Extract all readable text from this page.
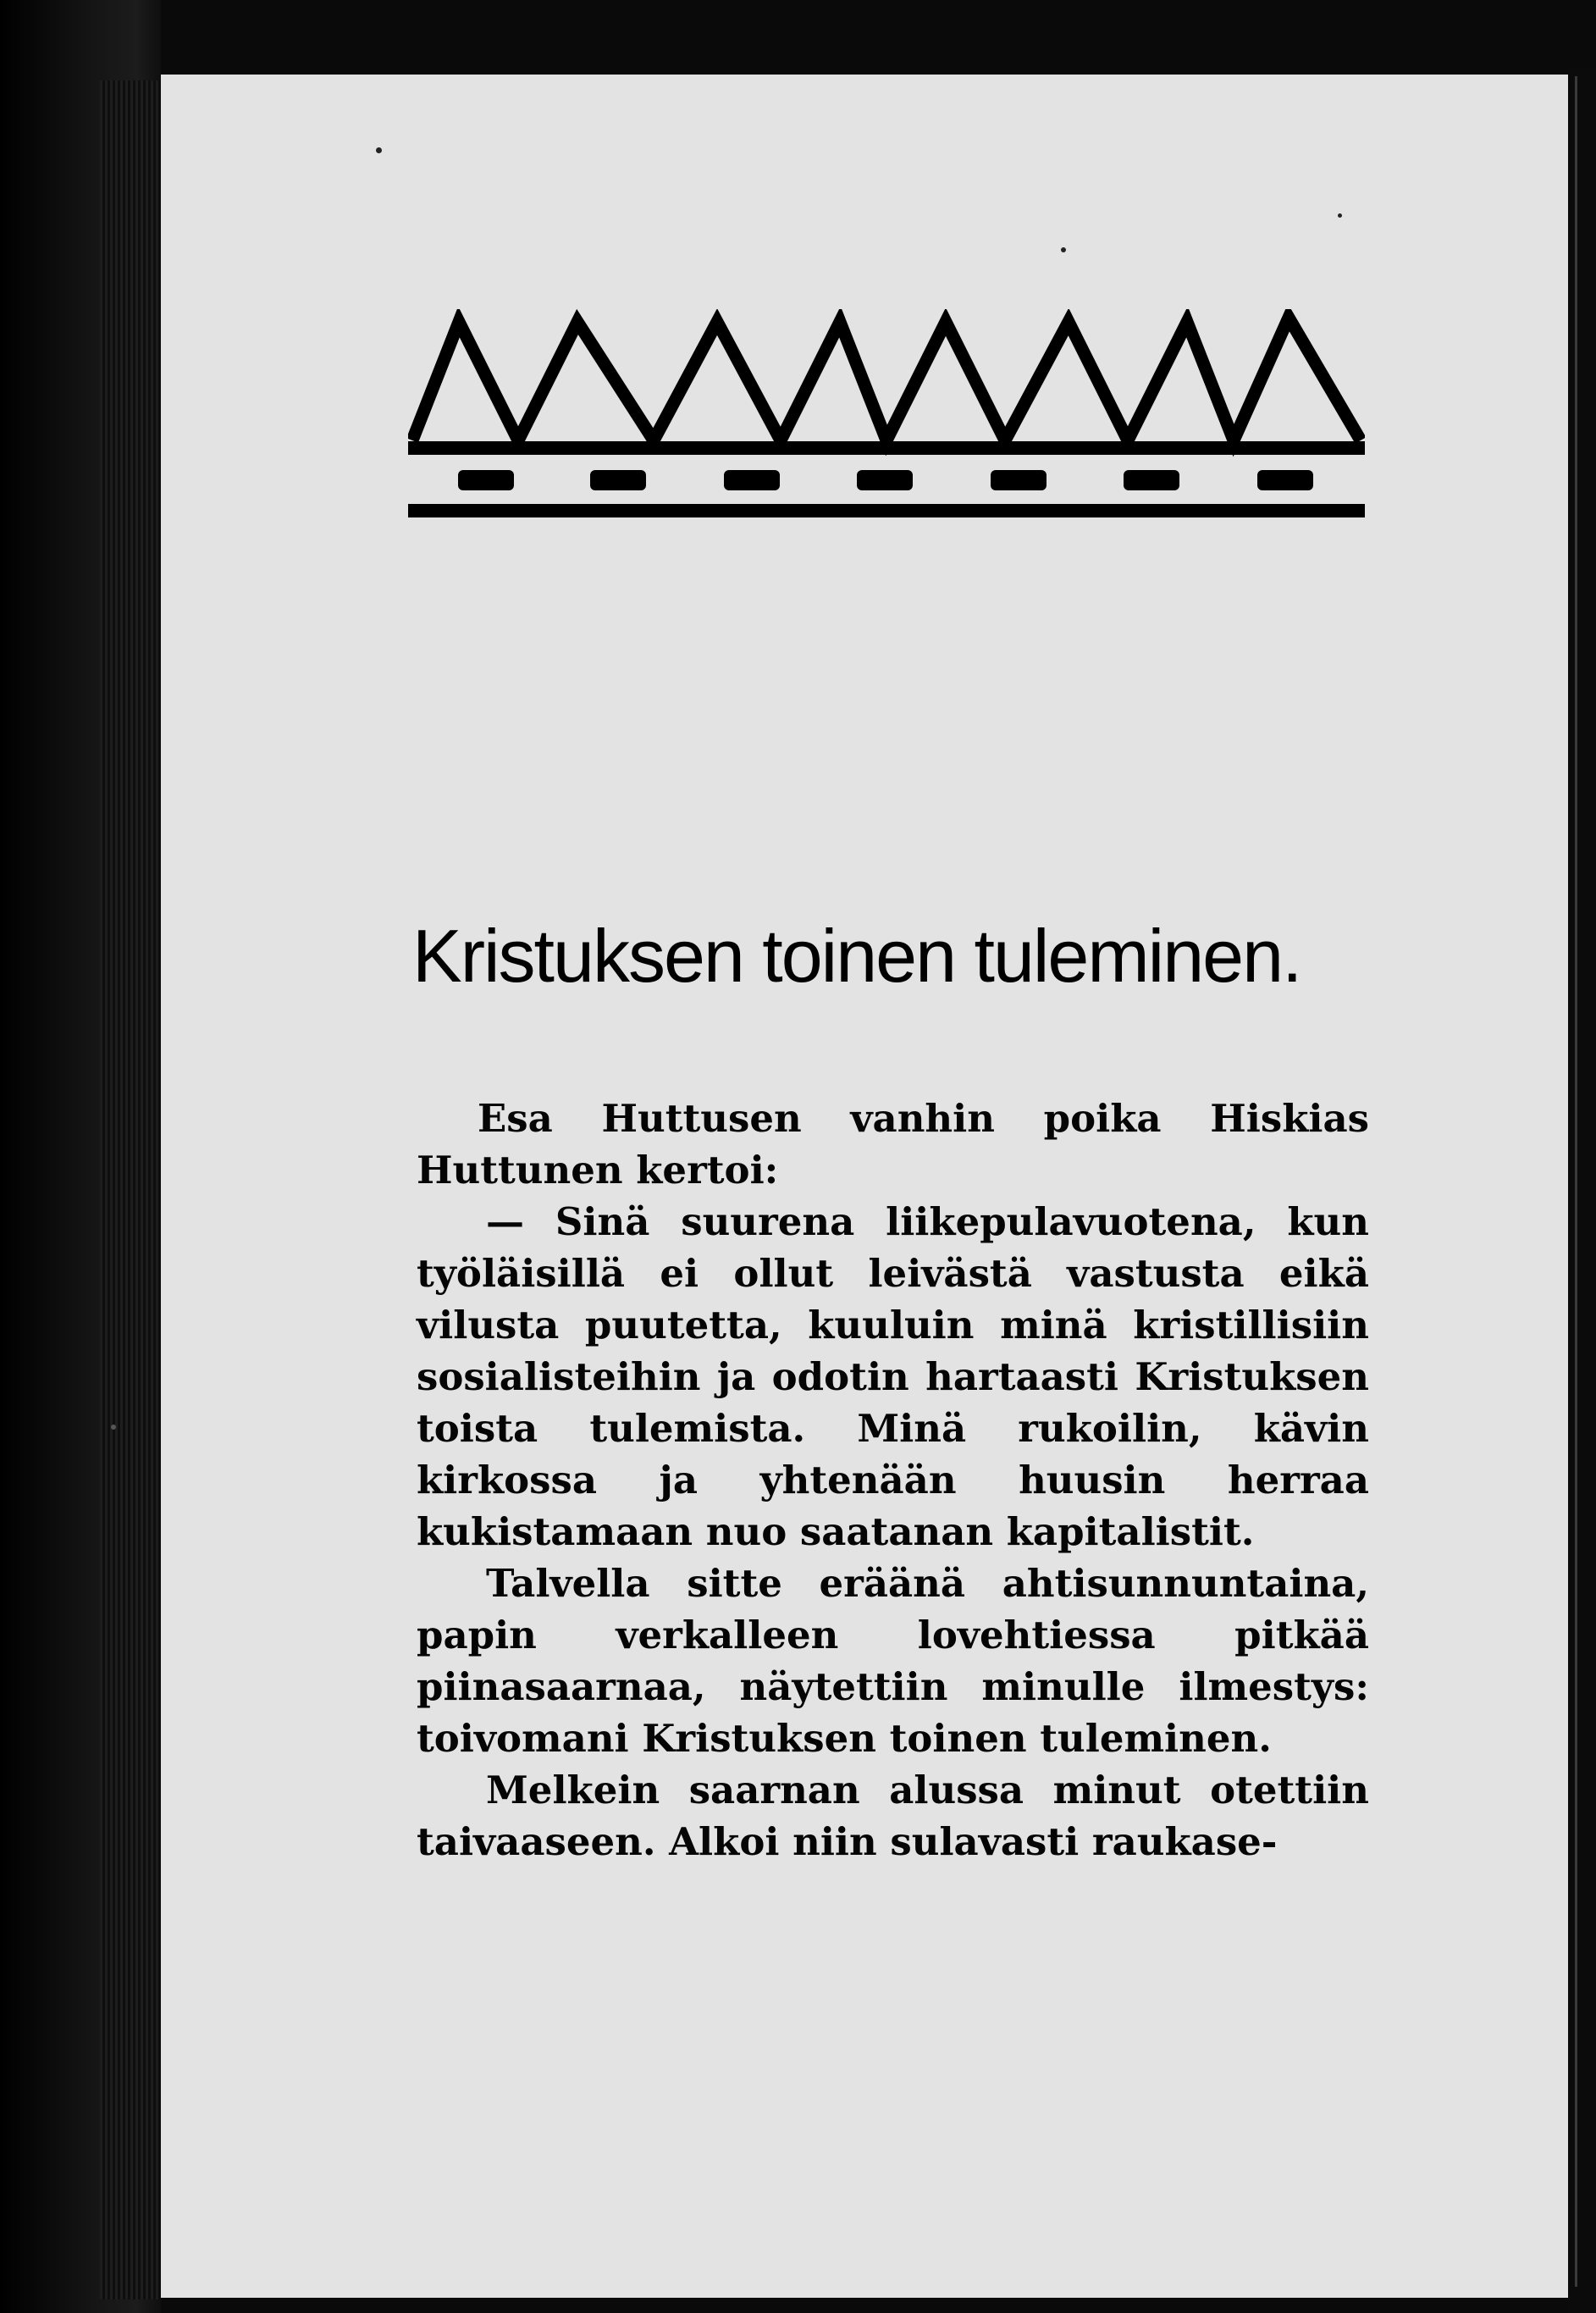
Kristuksen toinen tuleminen.

Esa Huttusen vanhin poika Hiskias Huttunen kertoi:

— Sinä suurena liikepulavuotena, kun työläisillä ei ollut leivästä vastusta eikä vilusta puutetta, kuuluin minä kristillisiin sosialisteihin ja odotin hartaasti Kristuksen toista tulemista. Minä rukoilin, kävin kirkossa ja yhtenään huusin herraa kukistamaan nuo saatanan kapitalistit.

Talvella sitte eräänä ahtisunnuntaina, papin verkalleen lovehtiessa pitkää piinasaarnaa, näytettiin minulle ilmestys: toivomani Kristuksen toinen tuleminen.

Melkein saarnan alussa minut otettiin taivaaseen. Alkoi niin sulavasti raukase-
